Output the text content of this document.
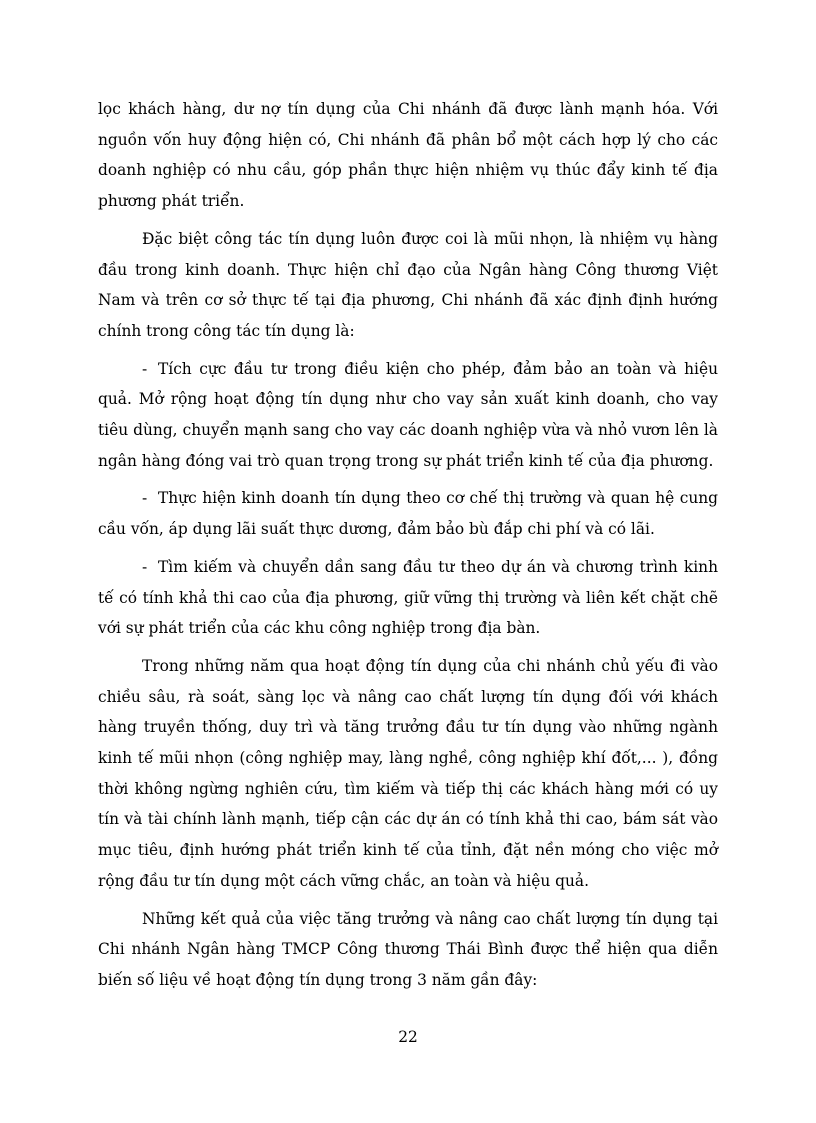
lọc khách hàng, dư nợ tín dụng của Chi nhánh đã được lành mạnh hóa. Với nguồn vốn huy động hiện có, Chi nhánh đã phân bổ một cách hợp lý cho các doanh nghiệp có nhu cầu, góp phần thực hiện nhiệm vụ thúc đẩy kinh tế địa phương phát triển.

Đặc biệt công tác tín dụng luôn được coi là mũi nhọn, là nhiệm vụ hàng đầu trong kinh doanh. Thực hiện chỉ đạo của Ngân hàng Công thương Việt Nam và trên cơ sở thực tế tại địa phương, Chi nhánh đã xác định định hướng chính trong công tác tín dụng là:

- Tích cực đầu tư trong điều kiện cho phép, đảm bảo an toàn và hiệu quả. Mở rộng hoạt động tín dụng như cho vay sản xuất kinh doanh, cho vay tiêu dùng, chuyển mạnh sang cho vay các doanh nghiệp vừa và nhỏ vươn lên là ngân hàng đóng vai trò quan trọng trong sự phát triển kinh tế của địa phương.

- Thực hiện kinh doanh tín dụng theo cơ chế thị trường và quan hệ cung cầu vốn, áp dụng lãi suất thực dương, đảm bảo bù đắp chi phí và có lãi.

- Tìm kiếm và chuyển dần sang đầu tư theo dự án và chương trình kinh tế có tính khả thi cao của địa phương, giữ vững thị trường và liên kết chặt chẽ với sự phát triển của các khu công nghiệp trong địa bàn.

Trong những năm qua hoạt động tín dụng của chi nhánh chủ yếu đi vào chiều sâu, rà soát, sàng lọc và nâng cao chất lượng tín dụng đối với khách hàng truyền thống, duy trì và tăng trưởng đầu tư tín dụng vào những ngành kinh tế mũi nhọn (công nghiệp may, làng nghề, công nghiệp khí đốt,... ), đồng thời không ngừng nghiên cứu, tìm kiếm và tiếp thị các khách hàng mới có uy tín và tài chính lành mạnh, tiếp cận các dự án có tính khả thi cao, bám sát vào mục tiêu, định hướng phát triển kinh tế của tỉnh, đặt nền móng cho việc mở rộng đầu tư tín dụng một cách vững chắc, an toàn và hiệu quả.

Những kết quả của việc tăng trưởng và nâng cao chất lượng tín dụng tại Chi nhánh Ngân hàng TMCP Công thương Thái Bình được thể hiện qua diễn biến số liệu về hoạt động tín dụng trong 3 năm gần đây:

22
